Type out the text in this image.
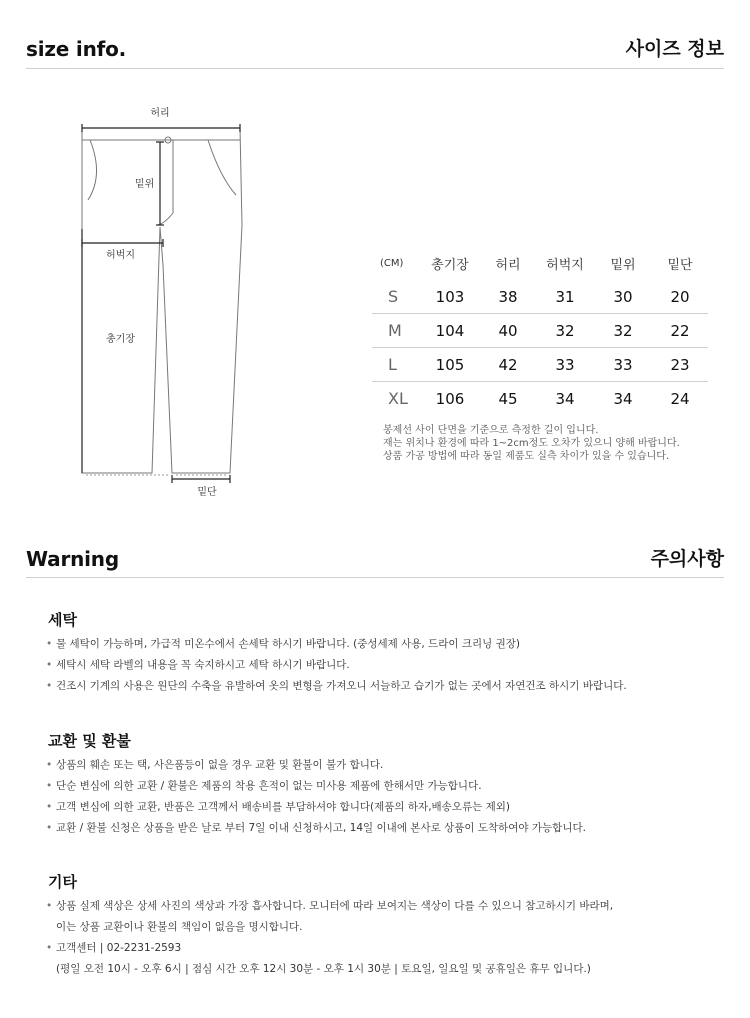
size info.	사이즈 정보
허리
밑위
허벅지
총기장
밑단
(CM)	총기장	허리	허벅지	밑위	밑단
S	103	38	31	30	20
M	104	40	32	32	22
L	105	42	33	33	23
XL	106	45	34	34	24
봉제선 사이 단면을 기준으로 측정한 길이 입니다.
재는 위치나 환경에 따라 1~2cm정도 오차가 있으니 양해 바랍니다.
상품 가공 방법에 따라 동일 제품도 실측 차이가 있을 수 있습니다.
Warning	주의사항
세탁
• 물 세탁이 가능하며, 가급적 미온수에서 손세탁 하시기 바랍니다. (중성세제 사용, 드라이 크리닝 권장)
• 세탁시 세탁 라벨의 내용을 꼭 숙지하시고 세탁 하시기 바랍니다.
• 건조시 기계의 사용은 원단의 수축을 유발하여 옷의 변형을 가져오니 서늘하고 습기가 없는 곳에서 자연건조 하시기 바랍니다.
교환 및 환불
• 상품의 훼손 또는 택, 사은품등이 없을 경우 교환 및 환불이 불가 합니다.
• 단순 변심에 의한 교환 / 환불은 제품의 착용 흔적이 없는 미사용 제품에 한해서만 가능합니다.
• 고객 변심에 의한 교환, 반품은 고객께서 배송비를 부담하셔야 합니다(제품의 하자,배송오류는 제외)
• 교환 / 환불 신청은 상품을 받은 날로 부터 7일 이내 신청하시고, 14일 이내에 본사로 상품이 도착하여야 가능합니다.
기타
• 상품 실제 색상은 상세 사진의 색상과 가장 흡사합니다. 모니터에 따라 보여지는 색상이 다를 수 있으니 참고하시기 바라며,
이는 상품 교환이나 환불의 책임이 없음을 명시합니다.
• 고객센터 | 02-2231-2593
(평일 오전 10시 - 오후 6시 | 점심 시간 오후 12시 30분 - 오후 1시 30분 | 토요일, 일요일 및 공휴일은 휴무 입니다.)
